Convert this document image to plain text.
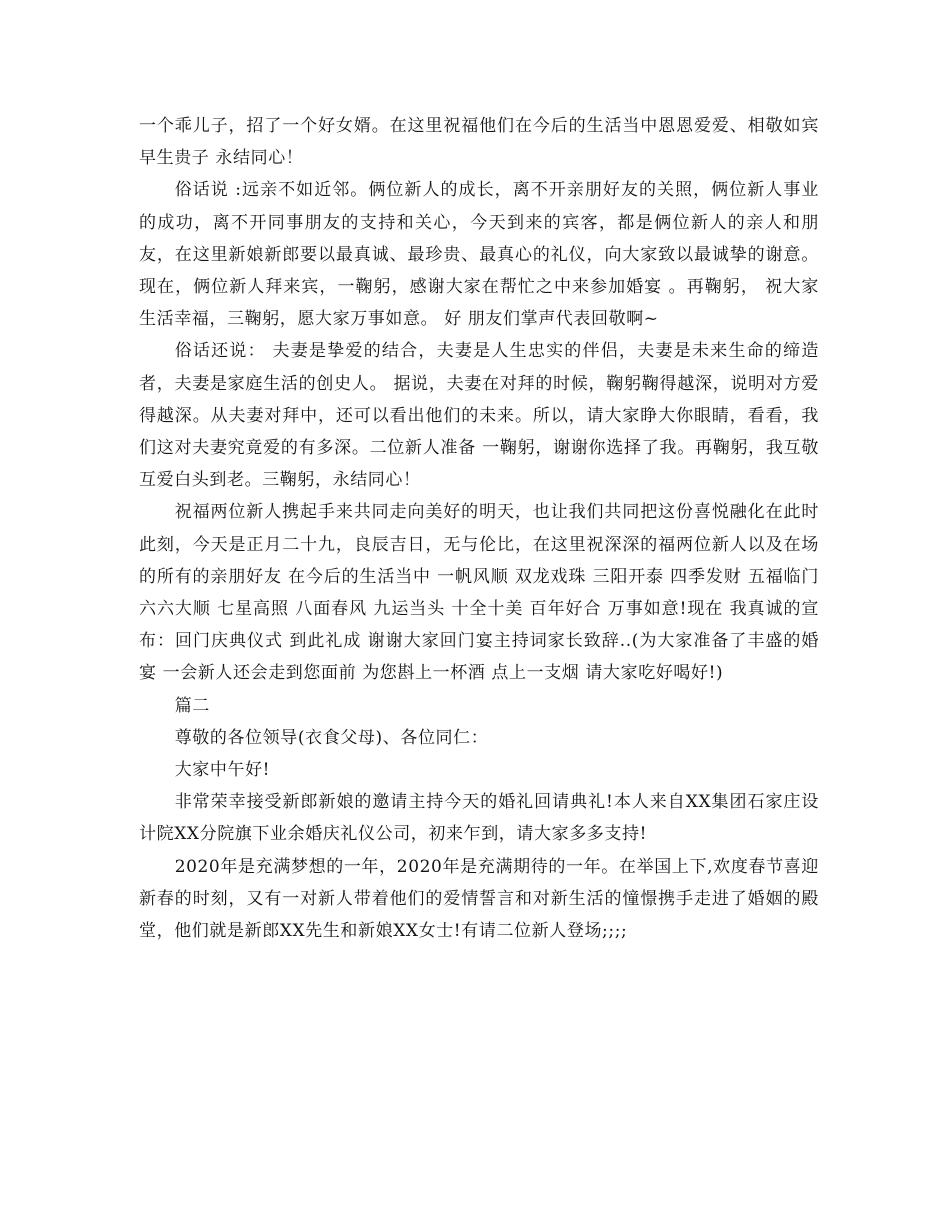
一个乖儿子，招了一个好女婿。在这里祝福他们在今后的生活当中恩恩爱爱、相敬如宾 早生贵子 永结同心！

俗话说 :远亲不如近邻。俩位新人的成长，离不开亲朋好友的关照，俩位新人事业的成功，离不开同事朋友的支持和关心，今天到来的宾客，都是俩位新人的亲人和朋友，在这里新娘新郎要以最真诚、最珍贵、最真心的礼仪，向大家致以最诚挚的谢意。 现在，俩位新人拜来宾，一鞠躬，感谢大家在帮忙之中来参加婚宴 。再鞠躬， 祝大家生活幸福，三鞠躬，愿大家万事如意。 好 朋友们掌声代表回敬啊~

俗话还说： 夫妻是挚爱的结合，夫妻是人生忠实的伴侣，夫妻是未来生命的缔造者，夫妻是家庭生活的创史人。 据说，夫妻在对拜的时候，鞠躬鞠得越深，说明对方爱得越深。从夫妻对拜中，还可以看出他们的未来。所以，请大家睁大你眼睛，看看，我们这对夫妻究竟爱的有多深。二位新人准备 一鞠躬，谢谢你选择了我。再鞠躬，我互敬互爱白头到老。三鞠躬，永结同心！

祝福两位新人携起手来共同走向美好的明天，也让我们共同把这份喜悦融化在此时此刻，今天是正月二十九，良辰吉日，无与伦比，在这里祝深深的福两位新人以及在场的所有的亲朋好友 在今后的生活当中 一帆风顺 双龙戏珠 三阳开泰 四季发财 五福临门六六大顺 七星高照 八面春风 九运当头 十全十美 百年好合 万事如意!现在 我真诚的宣布：回门庆典仪式 到此礼成 谢谢大家回门宴主持词家长致辞..(为大家准备了丰盛的婚宴 一会新人还会走到您面前 为您斟上一杯酒 点上一支烟 请大家吃好喝好!)

篇二

尊敬的各位领导(衣食父母)、各位同仁：

大家中午好!

非常荣幸接受新郎新娘的邀请主持今天的婚礼回请典礼!本人来自XX集团石家庄设计院XX分院旗下业余婚庆礼仪公司，初来乍到，请大家多多支持!

2020年是充满梦想的一年，2020年是充满期待的一年。在举国上下,欢度春节喜迎新春的时刻，又有一对新人带着他们的爱情誓言和对新生活的憧憬携手走进了婚姻的殿堂，他们就是新郎XX先生和新娘XX女士!有请二位新人登场;;;;
